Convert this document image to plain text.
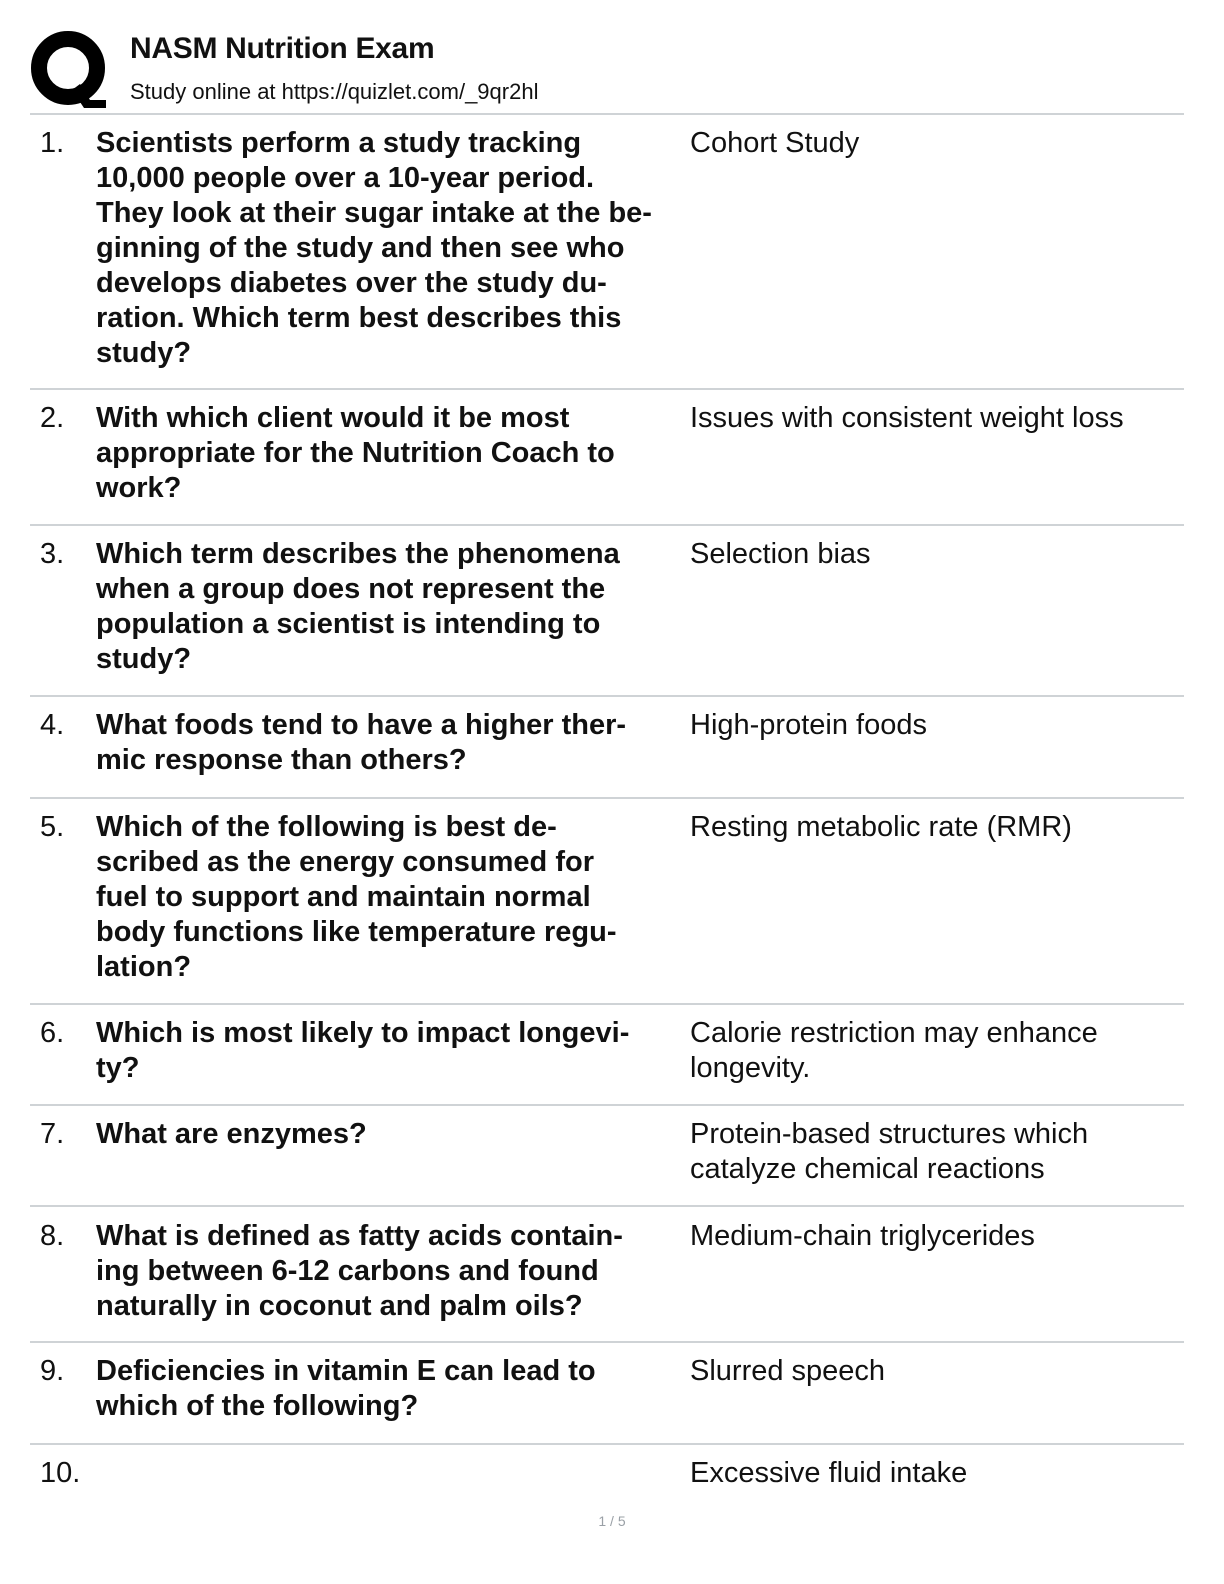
NASM Nutrition Exam
Study online at https://quizlet.com/_9qr2hl
1. Scientists perform a study tracking
10,000 people over a 10-year period.
They look at their sugar intake at the be-
ginning of the study and then see who
develops diabetes over the study du-
ration. Which term best describes this
study?
Cohort Study
2. With which client would it be most
appropriate for the Nutrition Coach to
work?
Issues with consistent weight loss
3. Which term describes the phenomena
when a group does not represent the
population a scientist is intending to
study?
Selection bias
4. What foods tend to have a higher ther-
mic response than others?
High-protein foods
5. Which of the following is best de-
scribed as the energy consumed for
fuel to support and maintain normal
body functions like temperature regu-
lation?
Resting metabolic rate (RMR)
6. Which is most likely to impact longevi-
ty?
Calorie restriction may enhance
longevity.
7. What are enzymes?	Protein-based structures which
catalyze chemical reactions
8. What is defined as fatty acids contain-
ing between 6-12 carbons and found
naturally in coconut and palm oils?
Medium-chain triglycerides
9. Deficiencies in vitamin E can lead to
which of the following?
Slurred speech
10.	Excessive fluid intake
1 / 5
